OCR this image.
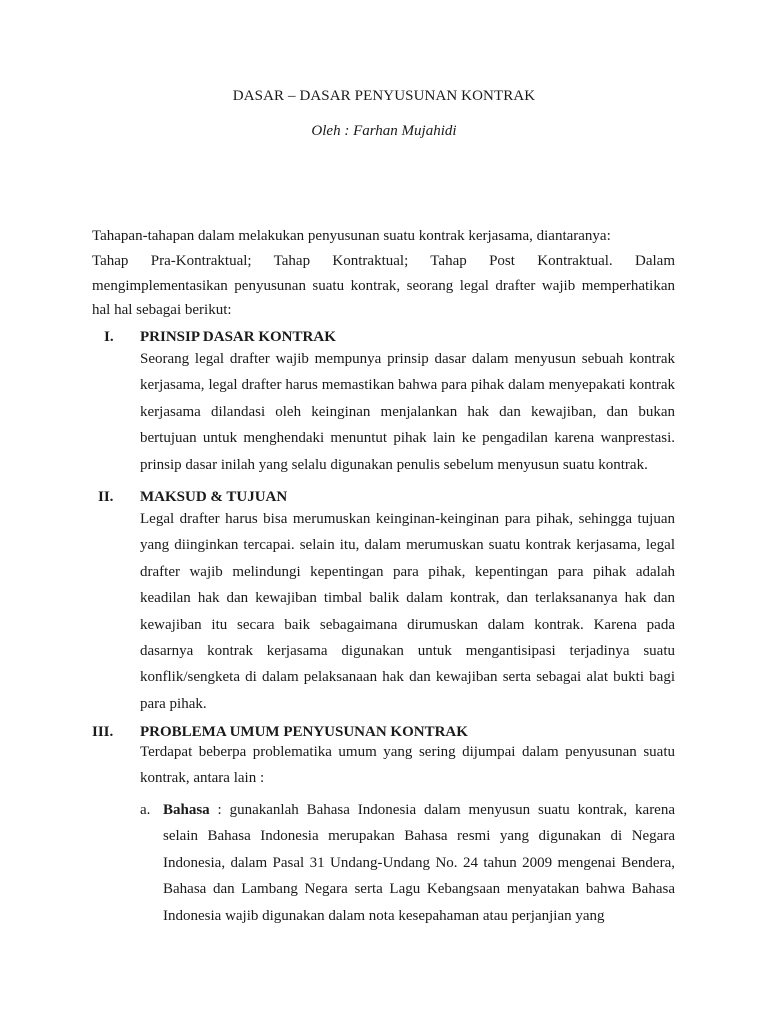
DASAR – DASAR PENYUSUNAN KONTRAK
Oleh : Farhan Mujahidi
Tahapan-tahapan dalam melakukan penyusunan suatu kontrak kerjasama, diantaranya:
Tahap Pra-Kontraktual; Tahap Kontraktual; Tahap Post Kontraktual. Dalam mengimplementasikan penyusunan suatu kontrak, seorang legal drafter wajib memperhatikan hal hal sebagai berikut:
I.	PRINSIP DASAR KONTRAK
Seorang legal drafter wajib mempunya prinsip dasar dalam menyusun sebuah kontrak kerjasama, legal drafter harus memastikan bahwa para pihak dalam menyepakati kontrak kerjasama dilandasi oleh keinginan menjalankan hak dan kewajiban, dan bukan bertujuan untuk menghendaki menuntut pihak lain ke pengadilan karena wanprestasi. prinsip dasar inilah yang selalu digunakan penulis sebelum menyusun suatu kontrak.
II.	MAKSUD & TUJUAN
Legal drafter harus bisa merumuskan keinginan-keinginan para pihak, sehingga tujuan yang diinginkan tercapai. selain itu, dalam merumuskan suatu kontrak kerjasama, legal drafter wajib melindungi kepentingan para pihak, kepentingan para pihak adalah keadilan hak dan kewajiban timbal balik dalam kontrak, dan terlaksananya hak dan kewajiban itu secara baik sebagaimana dirumuskan dalam kontrak. Karena pada dasarnya kontrak kerjasama digunakan untuk mengantisipasi terjadinya suatu konflik/sengketa di dalam pelaksanaan hak dan kewajiban serta sebagai alat bukti bagi para pihak.
III.	PROBLEMA UMUM PENYUSUNAN KONTRAK
Terdapat beberpa problematika umum yang sering dijumpai dalam penyusunan suatu kontrak, antara lain :
a. Bahasa : gunakanlah Bahasa Indonesia dalam menyusun suatu kontrak, karena selain Bahasa Indonesia merupakan Bahasa resmi yang digunakan di Negara Indonesia, dalam Pasal 31 Undang-Undang No. 24 tahun 2009 mengenai Bendera, Bahasa dan Lambang Negara serta Lagu Kebangsaan menyatakan bahwa Bahasa Indonesia wajib digunakan dalam nota kesepahaman atau perjanjian yang
